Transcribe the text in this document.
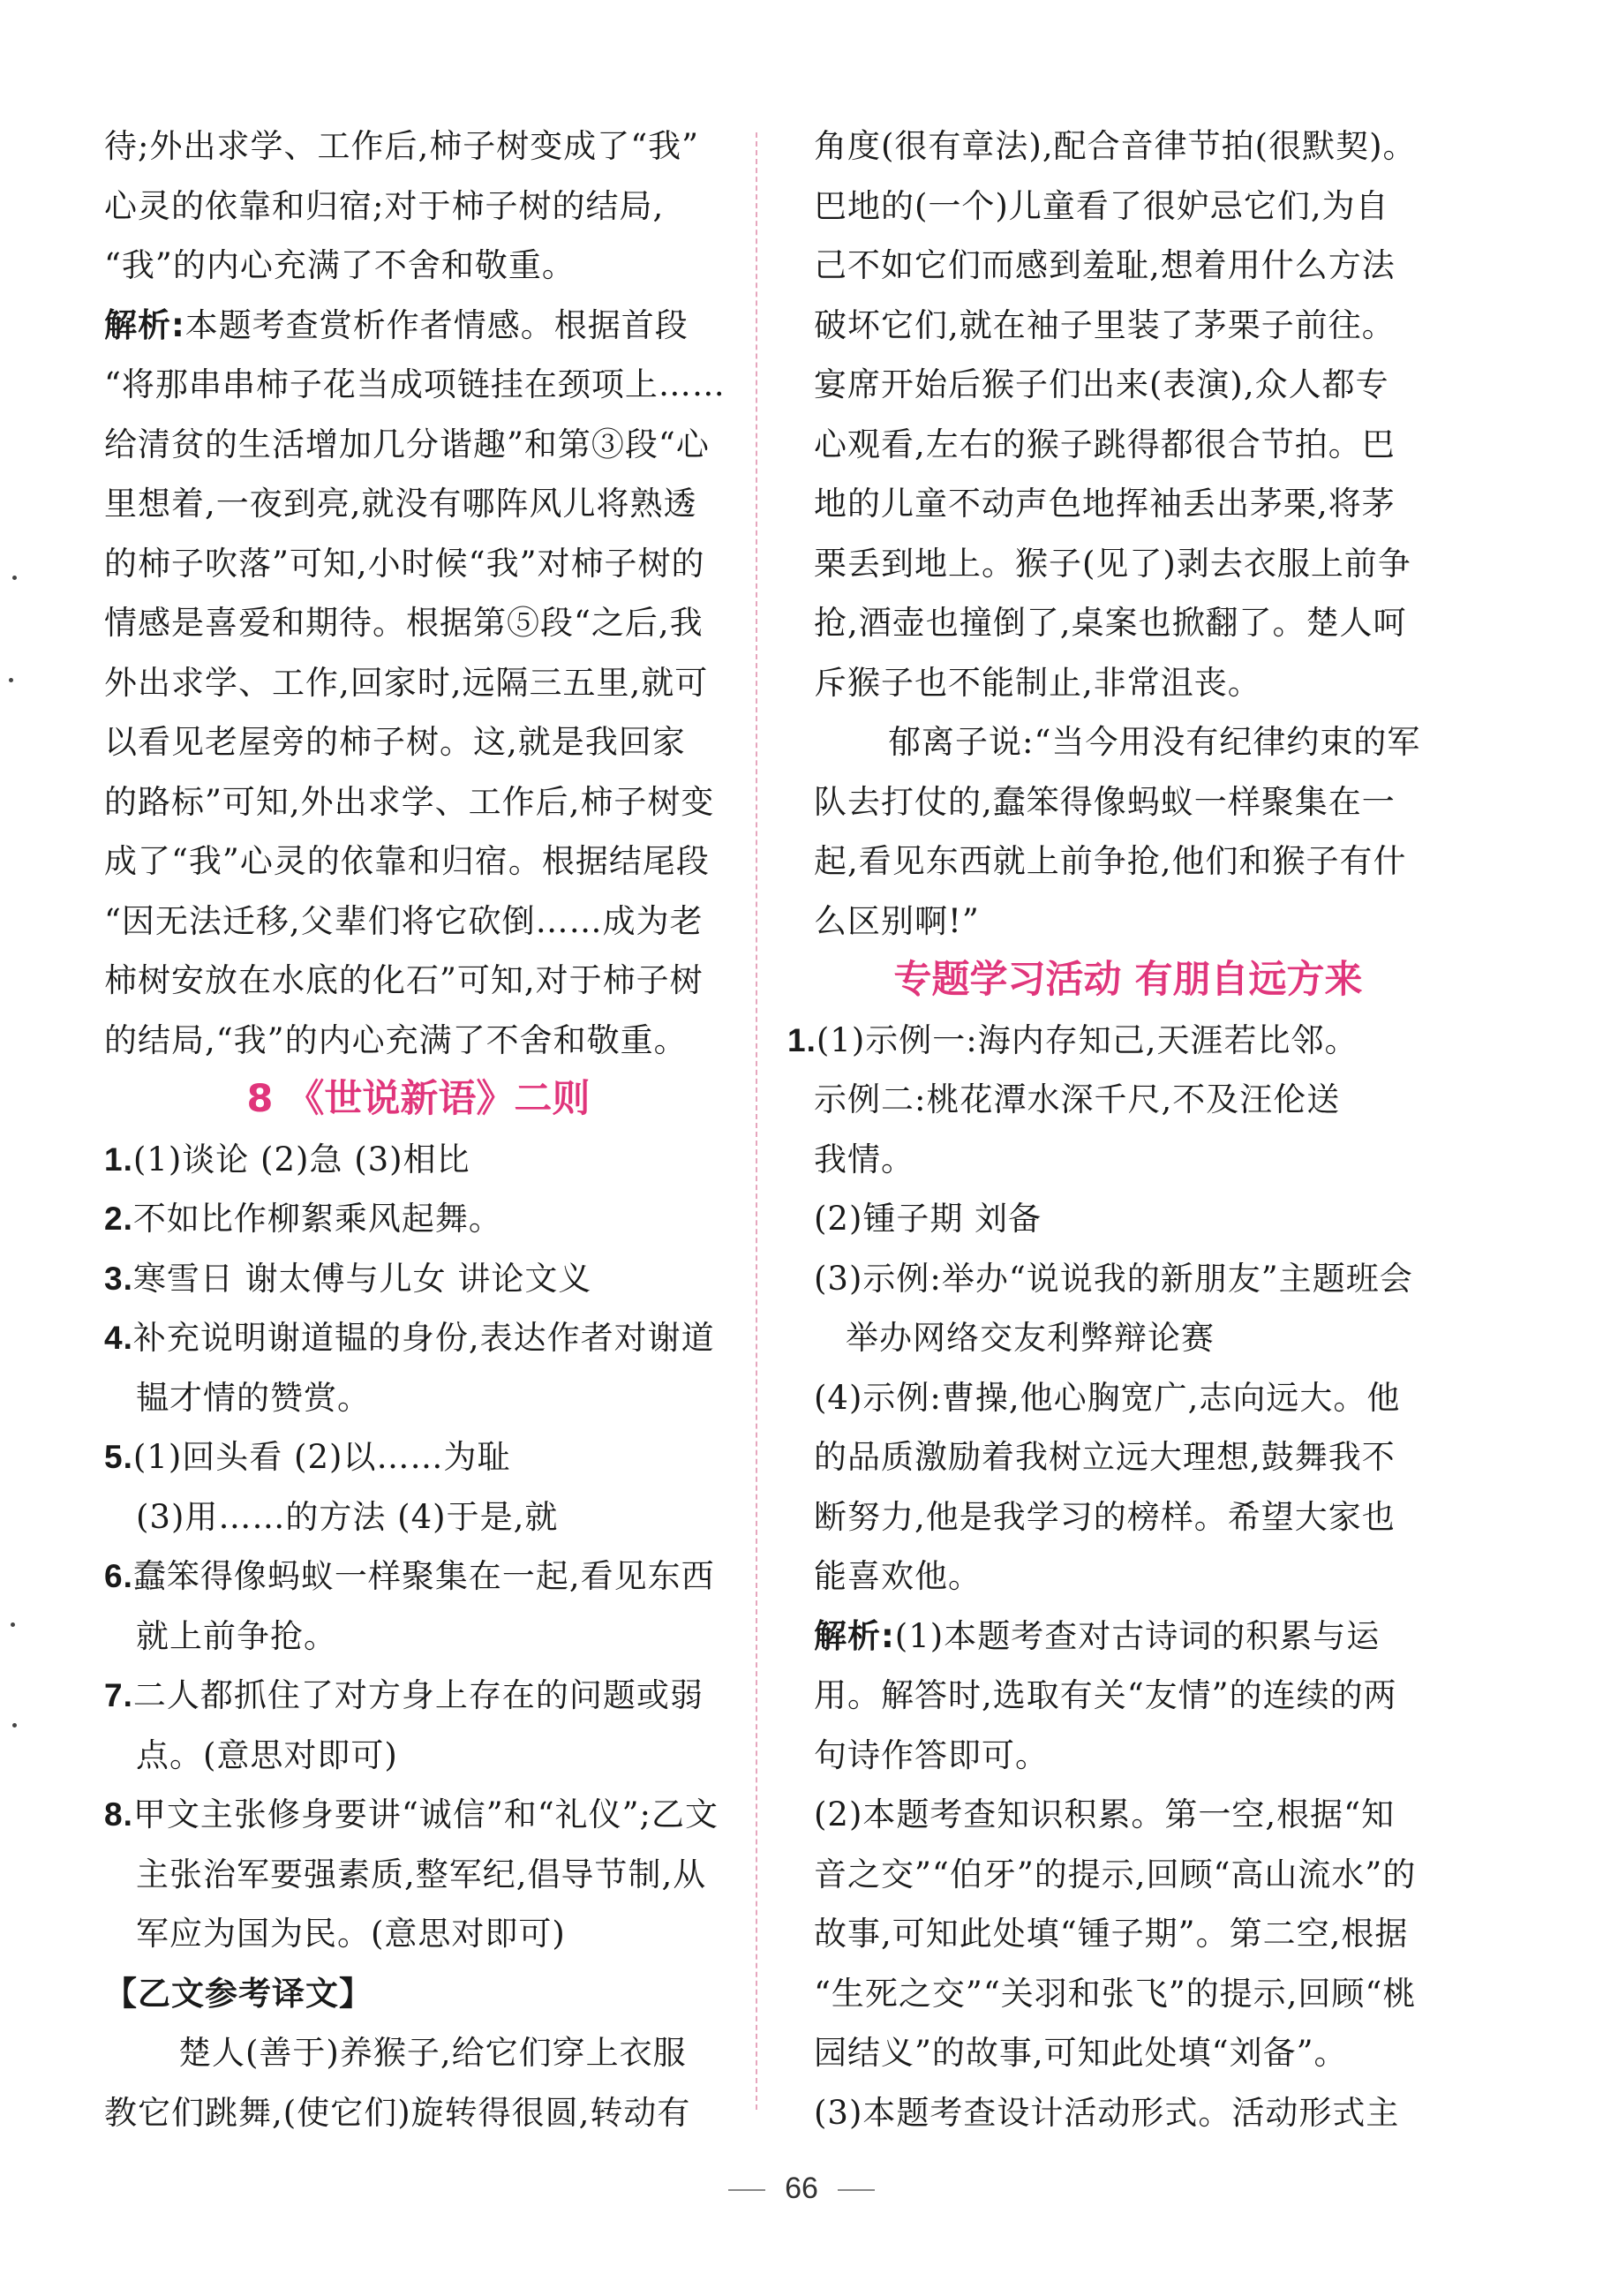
待;外出求学、工作后,柿子树变成了“我”
心灵的依靠和归宿;对于柿子树的结局,
“我”的内心充满了不舍和敬重。
解析:本题考查赏析作者情感。根据首段
“将那串串柿子花当成项链挂在颈项上……
给清贫的生活增加几分谐趣”和第③段“心
里想着,一夜到亮,就没有哪阵风儿将熟透
的柿子吹落”可知,小时候“我”对柿子树的
情感是喜爱和期待。根据第⑤段“之后,我
外出求学、工作,回家时,远隔三五里,就可
以看见老屋旁的柿子树。这,就是我回家
的路标”可知,外出求学、工作后,柿子树变
成了“我”心灵的依靠和归宿。根据结尾段
“因无法迁移,父辈们将它砍倒……成为老
柿树安放在水底的化石”可知,对于柿子树
的结局,“我”的内心充满了不舍和敬重。
8 《世说新语》二则
1.(1)谈论 (2)急 (3)相比
2.不如比作柳絮乘风起舞。
3.寒雪日 谢太傅与儿女 讲论文义
4.补充说明谢道韫的身份,表达作者对谢道
韫才情的赞赏。
5.(1)回头看 (2)以……为耻
(3)用……的方法 (4)于是,就
6.蠢笨得像蚂蚁一样聚集在一起,看见东西
就上前争抢。
7.二人都抓住了对方身上存在的问题或弱
点。(意思对即可)
8.甲文主张修身要讲“诚信”和“礼仪”;乙文
主张治军要强素质,整军纪,倡导节制,从
军应为国为民。(意思对即可)
【乙文参考译文】
楚人(善于)养猴子,给它们穿上衣服
教它们跳舞,(使它们)旋转得很圆,转动有
角度(很有章法),配合音律节拍(很默契)。
巴地的(一个)儿童看了很妒忌它们,为自
己不如它们而感到羞耻,想着用什么方法
破坏它们,就在袖子里装了茅栗子前往。
宴席开始后猴子们出来(表演),众人都专
心观看,左右的猴子跳得都很合节拍。巴
地的儿童不动声色地挥袖丢出茅栗,将茅
栗丢到地上。猴子(见了)剥去衣服上前争
抢,酒壶也撞倒了,桌案也掀翻了。楚人呵
斥猴子也不能制止,非常沮丧。
郁离子说:“当今用没有纪律约束的军
队去打仗的,蠢笨得像蚂蚁一样聚集在一
起,看见东西就上前争抢,他们和猴子有什
么区别啊!”
专题学习活动 有朋自远方来
1.(1)示例一:海内存知己,天涯若比邻。
示例二:桃花潭水深千尺,不及汪伦送
我情。
(2)锺子期 刘备
(3)示例:举办“说说我的新朋友”主题班会
举办网络交友利弊辩论赛
(4)示例:曹操,他心胸宽广,志向远大。他
的品质激励着我树立远大理想,鼓舞我不
断努力,他是我学习的榜样。希望大家也
能喜欢他。
解析:(1)本题考查对古诗词的积累与运
用。解答时,选取有关“友情”的连续的两
句诗作答即可。
(2)本题考查知识积累。第一空,根据“知
音之交”“伯牙”的提示,回顾“高山流水”的
故事,可知此处填“锺子期”。第二空,根据
“生死之交”“关羽和张飞”的提示,回顾“桃
园结义”的故事,可知此处填“刘备”。
(3)本题考查设计活动形式。活动形式主
66
